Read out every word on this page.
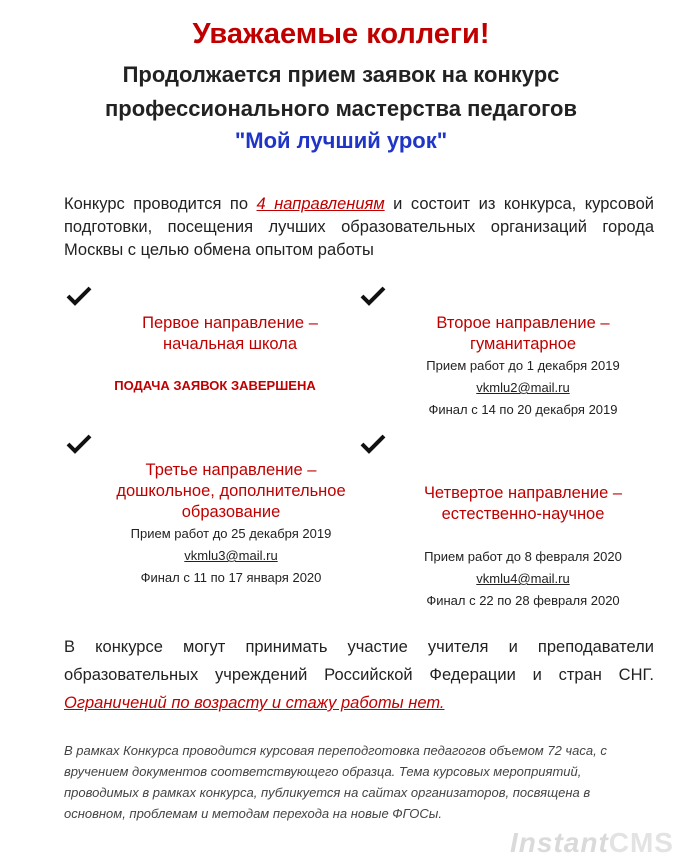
Уважаемые коллеги!
Продолжается прием заявок на конкурс профессионального мастерства педагогов
"Мой лучший урок"
Конкурс проводится по 4 направлениям и состоит из конкурса, курсовой подготовки, посещения лучших образовательных организаций города Москвы с целью обмена опытом работы
Первое направление – начальная школа
ПОДАЧА ЗАЯВОК ЗАВЕРШЕНА
Второе направление – гуманитарное
Прием работ до 1 декабря 2019
vkmlu2@mail.ru
Финал с 14 по 20 декабря 2019
Третье направление – дошкольное, дополнительное образование
Прием работ до 25 декабря 2019
vkmlu3@mail.ru
Финал с 11 по 17 января 2020
Четвертое направление – естественно-научное
Прием работ до 8 февраля 2020
vkmlu4@mail.ru
Финал с 22 по 28 февраля 2020
В конкурсе могут принимать участие учителя и преподаватели образовательных учреждений Российской Федерации и стран СНГ. Ограничений по возрасту и стажу работы нет.
В рамках Конкурса проводится курсовая переподготовка педагогов объемом 72 часа, с вручением документов соответствующего образца. Тема курсовых мероприятий, проводимых в рамках конкурса, публикуется на сайтах организаторов, посвящена в основном, проблемам и методам перехода на новые ФГОСы.
InstantCMS
